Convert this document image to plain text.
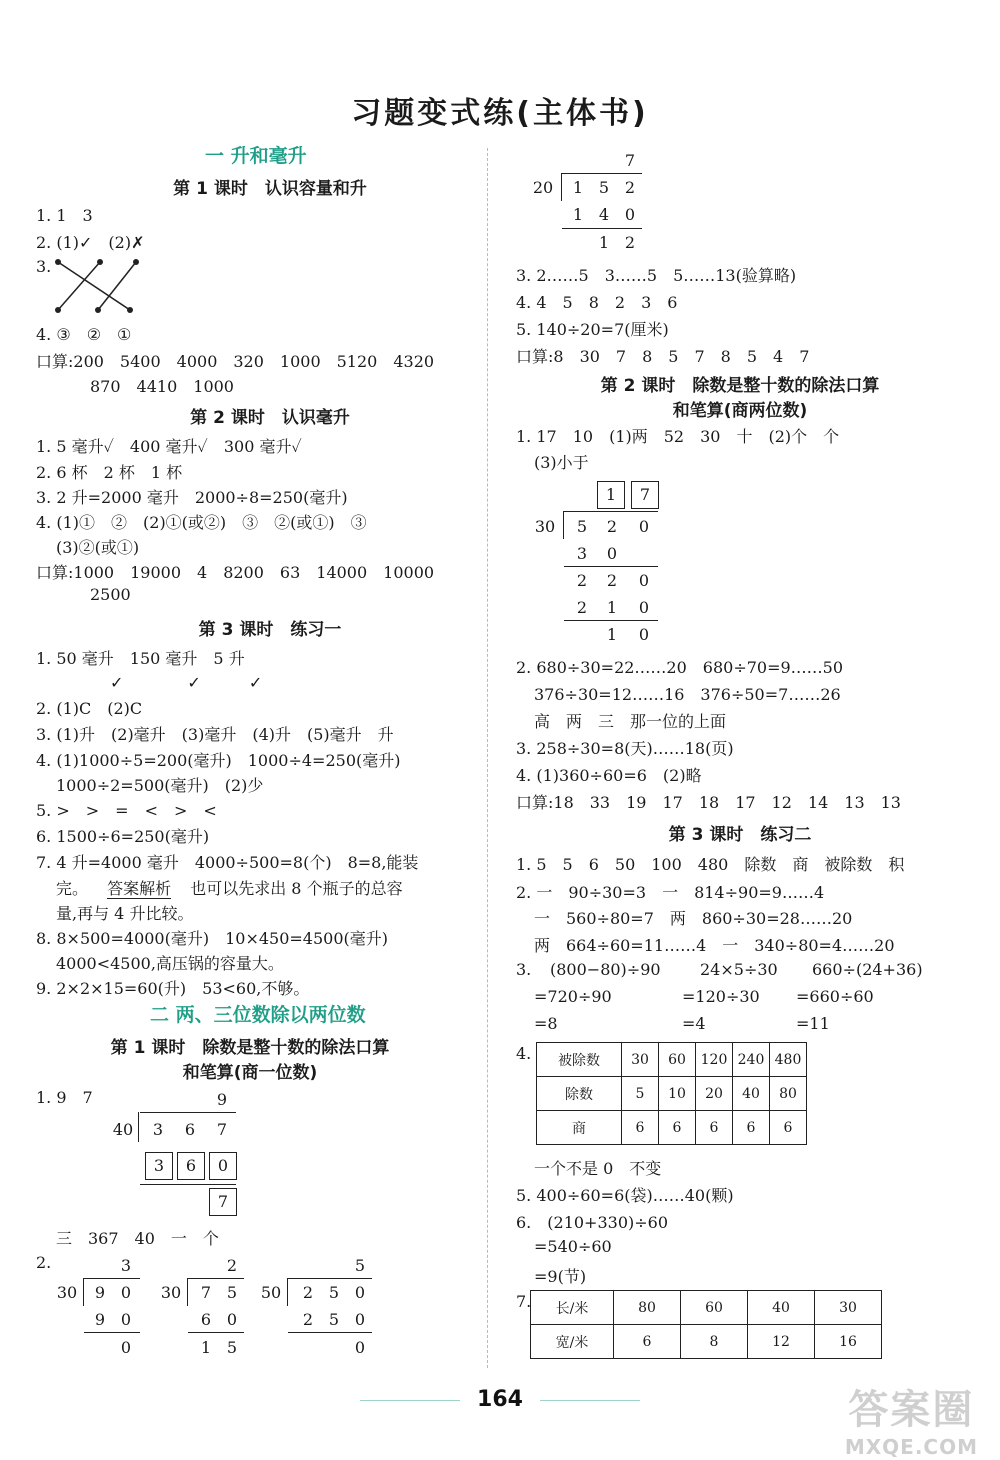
习题变式练(主体书)
一 升和毫升
第 1 课时　认识容量和升
1. 1　3
2. (1)✓　(2)✗
3.
4. ③　②　①
口算:200　5400　4000　320　1000　5120　4320
870　4410　1000
第 2 课时　认识毫升
1. 5 毫升✓　400 毫升✓　300 毫升✓
2. 6 杯　2 杯　1 杯
3. 2 升=2000 毫升　2000÷8=250(毫升)
4. (1)①　②　(2)①(或②)　③　②(或①)　③
(3)②(或①)
口算:1000　19000　4　8200　63　14000　10000
2500
第 3 课时　练习一
1. 50 毫升　150 毫升　5 升
✓　　　　✓　　　✓
2. (1)C　(2)C
3. (1)升　(2)毫升　(3)毫升　(4)升　(5)毫升　升
4. (1)1000÷5=200(毫升)　1000÷4=250(毫升)
1000÷2=500(毫升)　(2)少
5. >　>　=　<　>　<
6. 1500÷6=250(毫升)
7. 4 升=4000 毫升　4000÷500=8(个)　8=8,能装
完。 答案解析 也可以先求出 8 个瓶子的总容
量,再与 4 升比较。
8. 8×500=4000(毫升)　10×450=4500(毫升)
4000<4500,高压锅的容量大。
9. 2×2×15=60(升)　53<60,不够。
二 两、三位数除以两位数
第 1 课时　除数是整十数的除法口算
和笔算(商一位数)
1. 9　7	9
40	3	6	7
3	6	0
7
三　367　40　一　个
2.	3
30	9 0
9 0
0
2
30	7 5
6 0
1 5
5
50	2 5 0
2 5 0
0
7
20	1 5 2
1 4 0
1 2
3. 2……5　3……5　5……13(验算略)
4. 4　5　8　2　3　6
5. 140÷20=7(厘米)
口算:8　30　7　8　5　7　8　5　4　7
第 2 课时　除数是整十数的除法口算
和笔算(商两位数)
1. 17　10　(1)两　52　30　十　(2)个　个
(3)小于
1	7
30	5	2	0
3	0
2	2	0
2	1	0
1	0
2. 680÷30=22……20　680÷70=9……50
376÷30=12……16　376÷50=7……26
高　两　三　那一位的上面
3. 258÷30=8(天)……18(页)
4. (1)360÷60=6　(2)略
口算:18　33　19　17　18　17　12　14　13　13
第 3 课时　练习二
1. 5　5　6　50　100　480　除数　商　被除数　积
2. 一　90÷30=3　一　814÷90=9……4
一　560÷80=7　两　860÷30=28……20
两　664÷60=11……4　一　340÷80=4……20
3. (800−80)÷90 24×5÷30 660÷(24+36)
=720÷90	=120÷30 =660÷60
=8	=4	=11
4. 被除数	30	60	120	240	480
除数	5	10	20	40	80
商	6	6	6	6	6
一个不是 0　不变
5. 400÷60=6(袋)……40(颗)
6.　(210+330)÷60
=540÷60
=9(节)
7. 长/米	80	60	40	30
宽/米	6	8	12	16
164	答案圈
MXQE.COM
